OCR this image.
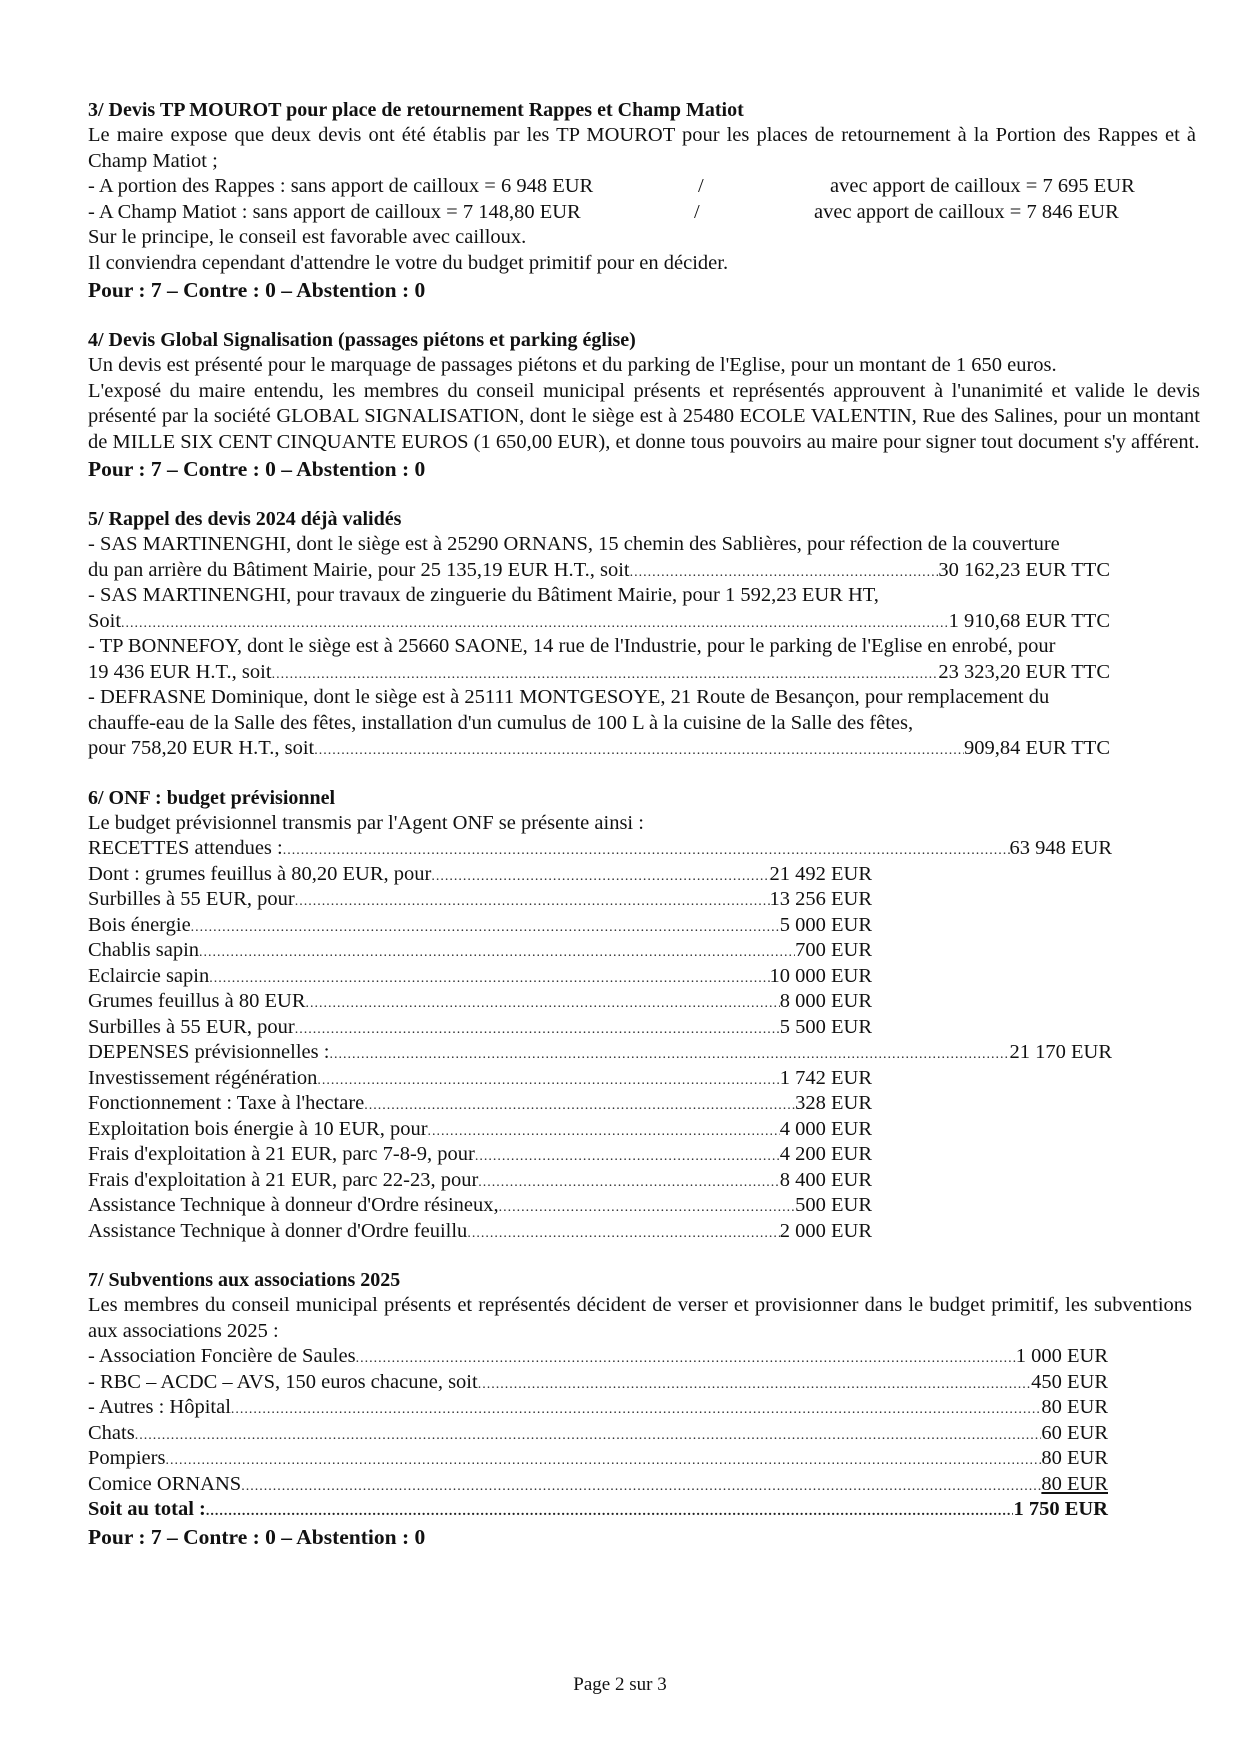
3/ Devis TP MOUROT pour place de retournement Rappes et Champ Matiot
Le maire expose que deux devis ont été établis par les TP MOUROT pour les places de retournement à la Portion des Rappes et à Champ Matiot ;
- A portion des Rappes : sans apport de cailloux = 6 948 EUR	/	avec apport de cailloux = 7 695 EUR
- A Champ Matiot : sans apport de cailloux = 7 148,80 EUR	/	avec apport de cailloux = 7 846 EUR
Sur le principe, le conseil est favorable avec cailloux.
Il conviendra cependant d'attendre le votre du budget primitif pour en décider.
Pour : 7 – Contre : 0 – Abstention : 0
4/ Devis Global Signalisation (passages piétons et parking église)
Un devis est présenté pour le marquage de passages piétons et du parking de l'Eglise, pour un montant de 1 650 euros.
L'exposé du maire entendu, les membres du conseil municipal présents et représentés approuvent à l'unanimité et valide le devis présenté par la société GLOBAL SIGNALISATION, dont le siège est à 25480 ECOLE VALENTIN, Rue des Salines, pour un montant de MILLE SIX CENT CINQUANTE EUROS (1 650,00 EUR), et donne tous pouvoirs au maire pour signer tout document s'y afférent.
Pour : 7 – Contre : 0 – Abstention : 0
5/ Rappel des devis 2024 déjà validés
- SAS MARTINENGHI, dont le siège est à 25290 ORNANS, 15 chemin des Sablières, pour réfection de la couverture
du pan arrière du Bâtiment Mairie, pour 25 135,19 EUR H.T., soit .....	30 162,23 EUR TTC
- SAS MARTINENGHI, pour travaux de zinguerie du Bâtiment Mairie, pour 1 592,23 EUR HT,
Soit .....	1 910,68 EUR TTC
- TP BONNEFOY, dont le siège est à 25660 SAONE, 14 rue de l'Industrie, pour le parking de l'Eglise en enrobé, pour
19 436 EUR H.T., soit .....	23 323,20 EUR TTC
- DEFRASNE Dominique, dont le siège est à 25111 MONTGESOYE, 21 Route de Besançon, pour remplacement du
chauffe-eau de la Salle des fêtes, installation d'un cumulus de 100 L à la cuisine de la Salle des fêtes,
pour 758,20 EUR H.T., soit .....	909,84 EUR TTC
6/ ONF : budget prévisionnel
Le budget prévisionnel transmis par l'Agent ONF se présente ainsi :
RECETTES attendues : .....	63 948 EUR
Dont : grumes feuillus à 80,20 EUR, pour .....	21 492 EUR
Surbilles à 55 EUR, pour .....	13 256 EUR
Bois énergie .....	5 000 EUR
Chablis sapin .....	700 EUR
Eclaircie sapin .....	10 000 EUR
Grumes feuillus à 80 EUR .....	8 000 EUR
Surbilles à 55 EUR, pour .....	5 500 EUR
DEPENSES prévisionnelles : .....	21 170 EUR
Investissement régénération .....	1 742 EUR
Fonctionnement : Taxe à l'hectare .....	328 EUR
Exploitation bois énergie à 10 EUR, pour .....	4 000 EUR
Frais d'exploitation à 21 EUR, parc 7-8-9, pour .....	4 200 EUR
Frais d'exploitation à 21 EUR, parc 22-23, pour .....	8 400 EUR
Assistance Technique à donneur d'Ordre résineux, .....	500 EUR
Assistance Technique à donner d'Ordre feuillu .....	2 000 EUR
7/ Subventions aux associations 2025
Les membres du conseil municipal présents et représentés décident de verser et provisionner dans le budget primitif, les subventions aux associations 2025 :
- Association Foncière de Saules .....	1 000 EUR
- RBC – ACDC – AVS, 150 euros chacune, soit .....	450 EUR
- Autres : Hôpital .....	80 EUR
Chats .....	60 EUR
Pompiers .....	80 EUR
Comice ORNANS .....	80 EUR
Soit au total : .....	1 750 EUR
Pour : 7 – Contre : 0 – Abstention : 0
Page 2 sur 3
